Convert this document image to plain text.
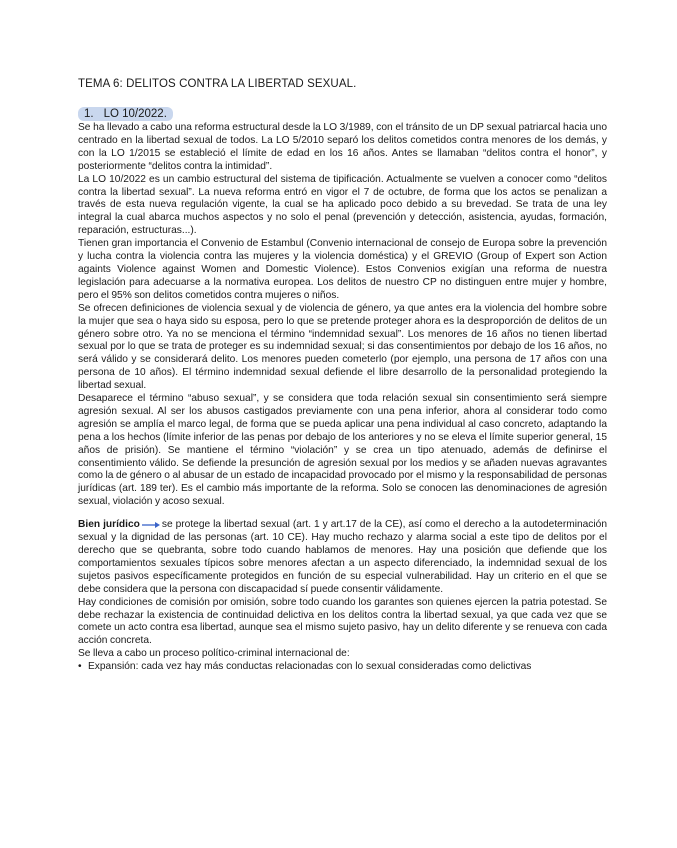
TEMA 6: DELITOS CONTRA LA LIBERTAD SEXUAL.
1. LO 10/2022.

Se ha llevado a cabo una reforma estructural desde la LO 3/1989, con el tránsito de un DP sexual patriarcal hacia uno centrado en la libertad sexual de todos. La LO 5/2010 separó los delitos cometidos contra menores de los demás, y con la LO 1/2015 se estableció el límite de edad en los 16 años. Antes se llamaban “delitos contra el honor”, y posteriormente “delitos contra la intimidad”.

La LO 10/2022 es un cambio estructural del sistema de tipificación. Actualmente se vuelven a conocer como “delitos contra la libertad sexual”. La nueva reforma entró en vigor el 7 de octubre, de forma que los actos se penalizan a través de esta nueva regulación vigente, la cual se ha aplicado poco debido a su brevedad. Se trata de una ley integral la cual abarca muchos aspectos y no solo el penal (prevención y detección, asistencia, ayudas, formación, reparación, estructuras...).

Tienen gran importancia el Convenio de Estambul (Convenio internacional de consejo de Europa sobre la prevención y lucha contra la violencia contra las mujeres y la violencia doméstica) y el GREVIO (Group of Expert son Action againts Violence against Women and Domestic Violence). Estos Convenios exigían una reforma de nuestra legislación para adecuarse a la normativa europea. Los delitos de nuestro CP no distinguen entre mujer y hombre, pero el 95% son delitos cometidos contra mujeres o niños.

Se ofrecen definiciones de violencia sexual y de violencia de género, ya que antes era la violencia del hombre sobre la mujer que sea o haya sido su esposa, pero lo que se pretende proteger ahora es la desproporción de delitos de un género sobre otro. Ya no se menciona el término “indemnidad sexual”. Los menores de 16 años no tienen libertad sexual por lo que se trata de proteger es su indemnidad sexual; si das consentimientos por debajo de los 16 años, no será válido y se considerará delito. Los menores pueden cometerlo (por ejemplo, una persona de 17 años con una persona de 10 años). El término indemnidad sexual defiende el libre desarrollo de la personalidad protegiendo la libertad sexual.

Desaparece el término “abuso sexual”, y se considera que toda relación sexual sin consentimiento será siempre agresión sexual. Al ser los abusos castigados previamente con una pena inferior, ahora al considerar todo como agresión se amplía el marco legal, de forma que se pueda aplicar una pena individual al caso concreto, adaptando la pena a los hechos (límite inferior de las penas por debajo de los anteriores y no se eleva el límite superior general, 15 años de prisión). Se mantiene el término “violación” y se crea un tipo atenuado, además de definirse el consentimiento válido. Se defiende la presunción de agresión sexual por los medios y se añaden nuevas agravantes como la de género o al abusar de un estado de incapacidad provocado por el mismo y la responsabilidad de personas jurídicas (art. 189 ter). Es el cambio más importante de la reforma. Solo se conocen las denominaciones de agresión sexual, violación y acoso sexual.

Bien jurídico se protege la libertad sexual (art. 1 y art.17 de la CE), así como el derecho a la autodeterminación sexual y la dignidad de las personas (art. 10 CE). Hay mucho rechazo y alarma social a este tipo de delitos por el derecho que se quebranta, sobre todo cuando hablamos de menores. Hay una posición que defiende que los comportamientos sexuales típicos sobre menores afectan a un aspecto diferenciado, la indemnidad sexual de los sujetos pasivos específicamente protegidos en función de su especial vulnerabilidad. Hay un criterio en el que se debe considera que la persona con discapacidad sí puede consentir válidamente.

Hay condiciones de comisión por omisión, sobre todo cuando los garantes son quienes ejercen la patria potestad. Se debe rechazar la existencia de continuidad delictiva en los delitos contra la libertad sexual, ya que cada vez que se comete un acto contra esa libertad, aunque sea el mismo sujeto pasivo, hay un delito diferente y se renueva con cada acción concreta.

Se lleva a cabo un proceso político-criminal internacional de:

• Expansión: cada vez hay más conductas relacionadas con lo sexual consideradas como delictivas
